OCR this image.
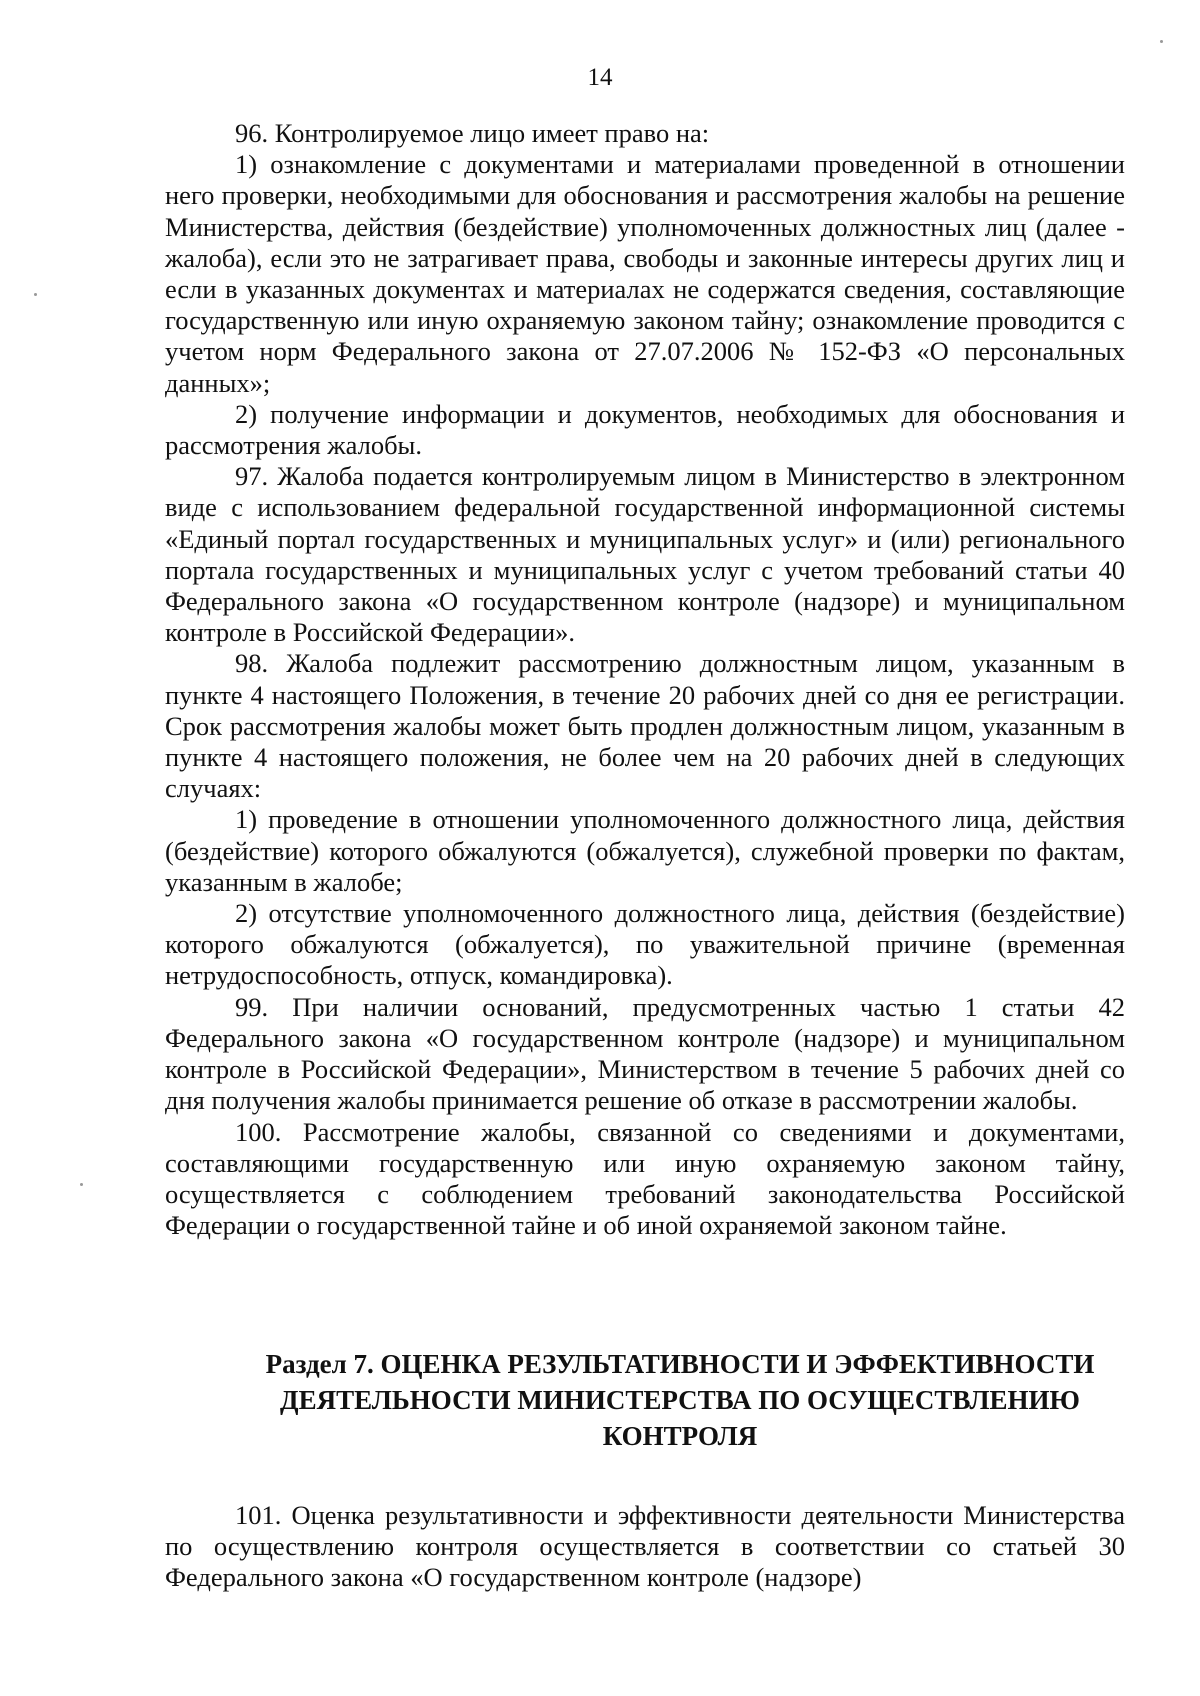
14

96. Контролируемое лицо имеет право на:

1) ознакомление с документами и материалами проведенной в отношении него проверки, необходимыми для обоснования и рассмотрения жалобы на решение Министерства, действия (бездействие) уполномоченных должностных лиц (далее - жалоба), если это не затрагивает права, свободы и законные интересы других лиц и если в указанных документах и материалах не содержатся сведения, составляющие государственную или иную охраняемую законом тайну; ознакомление проводится с учетом норм Федерального закона от 27.07.2006 № 152-ФЗ «О персональных данных»;

2) получение информации и документов, необходимых для обоснования и рассмотрения жалобы.

97. Жалоба подается контролируемым лицом в Министерство в электронном виде с использованием федеральной государственной информационной системы «Единый портал государственных и муниципальных услуг» и (или) регионального портала государственных и муниципальных услуг с учетом требований статьи 40 Федерального закона «О государственном контроле (надзоре) и муниципальном контроле в Российской Федерации».

98. Жалоба подлежит рассмотрению должностным лицом, указанным в пункте 4 настоящего Положения, в течение 20 рабочих дней со дня ее регистрации. Срок рассмотрения жалобы может быть продлен должностным лицом, указанным в пункте 4 настоящего положения, не более чем на 20 рабочих дней в следующих случаях:

1) проведение в отношении уполномоченного должностного лица, действия (бездействие) которого обжалуются (обжалуется), служебной проверки по фактам, указанным в жалобе;

2) отсутствие уполномоченного должностного лица, действия (бездействие) которого обжалуются (обжалуется), по уважительной причине (временная нетрудоспособность, отпуск, командировка).

99. При наличии оснований, предусмотренных частью 1 статьи 42 Федерального закона «О государственном контроле (надзоре) и муниципальном контроле в Российской Федерации», Министерством в течение 5 рабочих дней со дня получения жалобы принимается решение об отказе в рассмотрении жалобы.

100. Рассмотрение жалобы, связанной со сведениями и документами, составляющими государственную или иную охраняемую законом тайну, осуществляется с соблюдением требований законодательства Российской Федерации о государственной тайне и об иной охраняемой законом тайне.

Раздел 7. ОЦЕНКА РЕЗУЛЬТАТИВНОСТИ И ЭФФЕКТИВНОСТИ
ДЕЯТЕЛЬНОСТИ МИНИСТЕРСТВА ПО ОСУЩЕСТВЛЕНИЮ
КОНТРОЛЯ

101. Оценка результативности и эффективности деятельности Министерства по осуществлению контроля осуществляется в соответствии со статьей 30 Федерального закона «О государственном контроле (надзоре)
